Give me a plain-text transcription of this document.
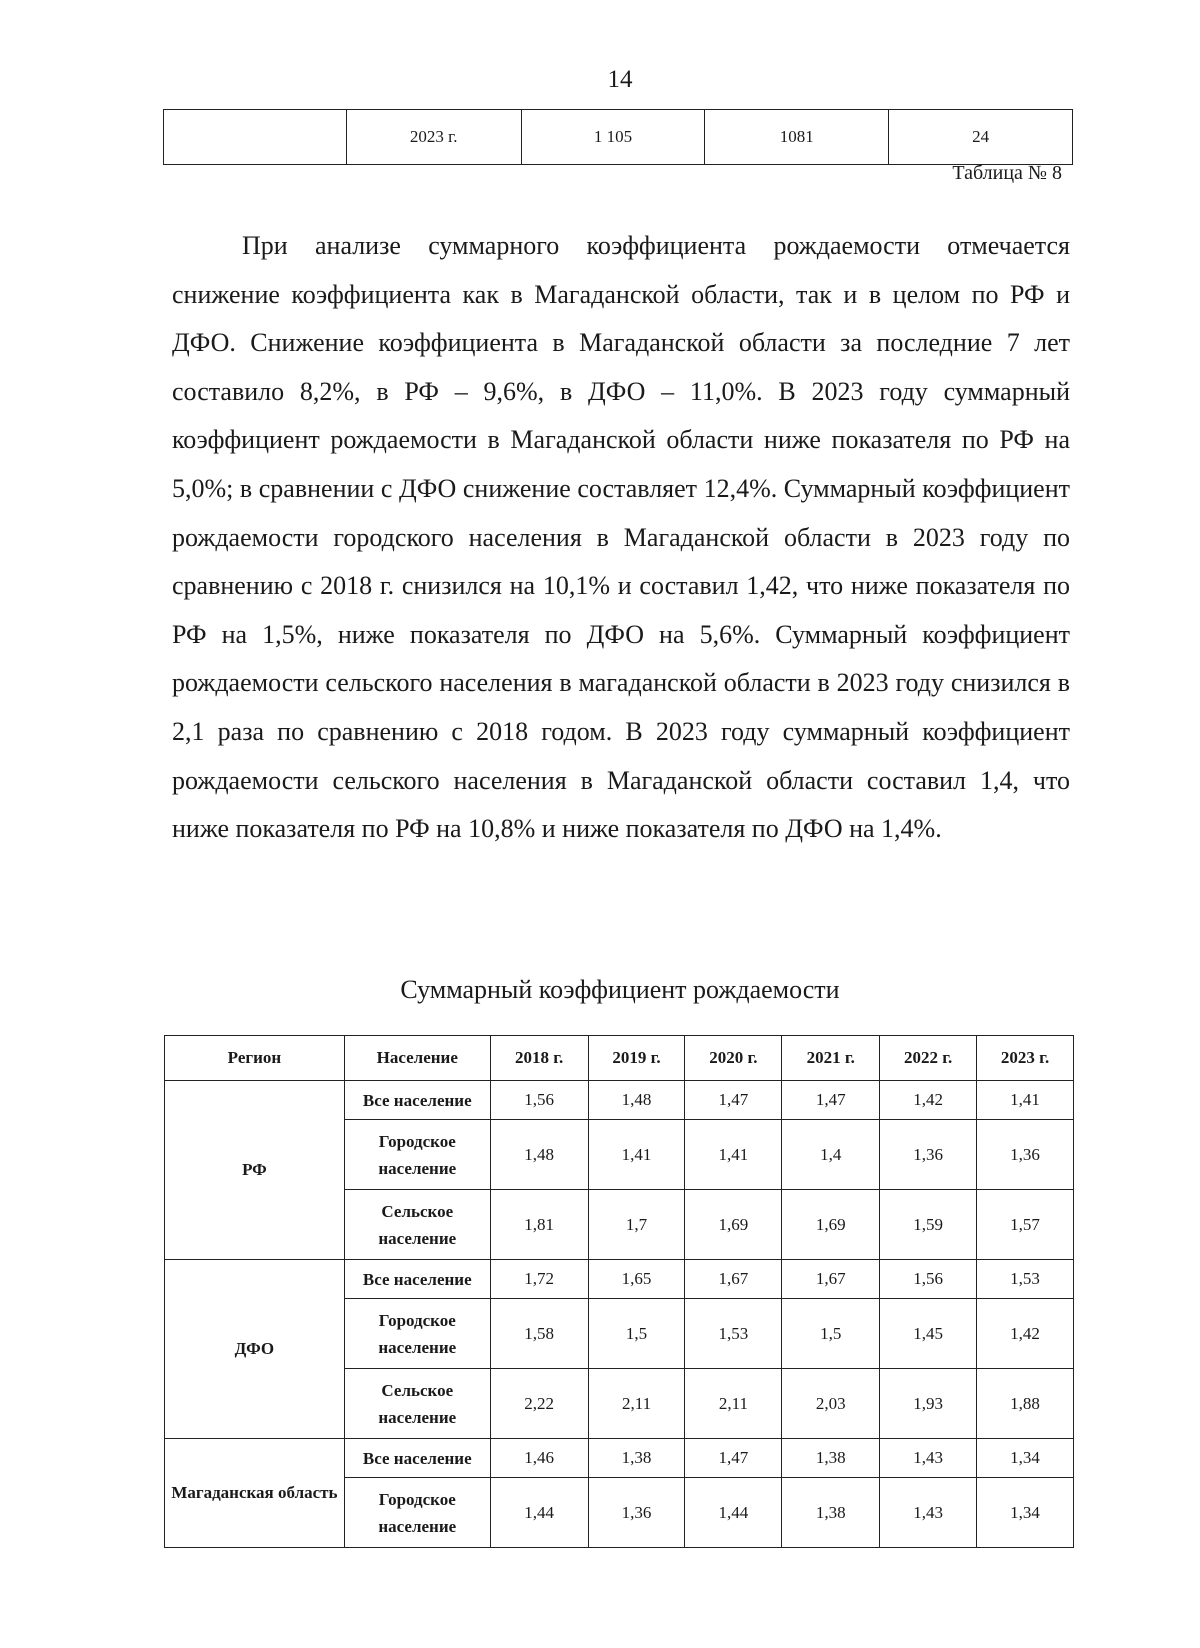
14
	2023 г.	1 105	1081	24
Таблица № 8

При анализе суммарного коэффициента рождаемости отмечается снижение коэффициента как в Магаданской области, так и в целом по РФ и ДФО. Снижение коэффициента в Магаданской области за последние 7 лет составило 8,2%, в РФ – 9,6%, в ДФО – 11,0%. В 2023 году суммарный коэффициент рождаемости в Магаданской области ниже показателя по РФ на 5,0%; в сравнении с ДФО снижение составляет 12,4%. Суммарный коэффициент рождаемости городского населения в Магаданской области в 2023 году по сравнению с 2018 г. снизился на 10,1% и составил 1,42, что ниже показателя по РФ на 1,5%, ниже показателя по ДФО на 5,6%. Суммарный коэффициент рождаемости сельского населения в магаданской области в 2023 году снизился в 2,1 раза по сравнению с 2018 годом. В 2023 году суммарный коэффициент рождаемости сельского населения в Магаданской области составил 1,4, что ниже показателя по РФ на 10,8% и ниже показателя по ДФО на 1,4%.

Суммарный коэффициент рождаемости
Регион	Население	2018 г.	2019 г.	2020 г.	2021 г.	2022 г.	2023 г.
РФ	Все население	1,56	1,48	1,47	1,47	1,42	1,41
	Городское население	1,48	1,41	1,41	1,4	1,36	1,36
	Сельское население	1,81	1,7	1,69	1,69	1,59	1,57
ДФО	Все население	1,72	1,65	1,67	1,67	1,56	1,53
	Городское население	1,58	1,5	1,53	1,5	1,45	1,42
	Сельское население	2,22	2,11	2,11	2,03	1,93	1,88
Магаданская область	Все население	1,46	1,38	1,47	1,38	1,43	1,34
	Городское население	1,44	1,36	1,44	1,38	1,43	1,34
